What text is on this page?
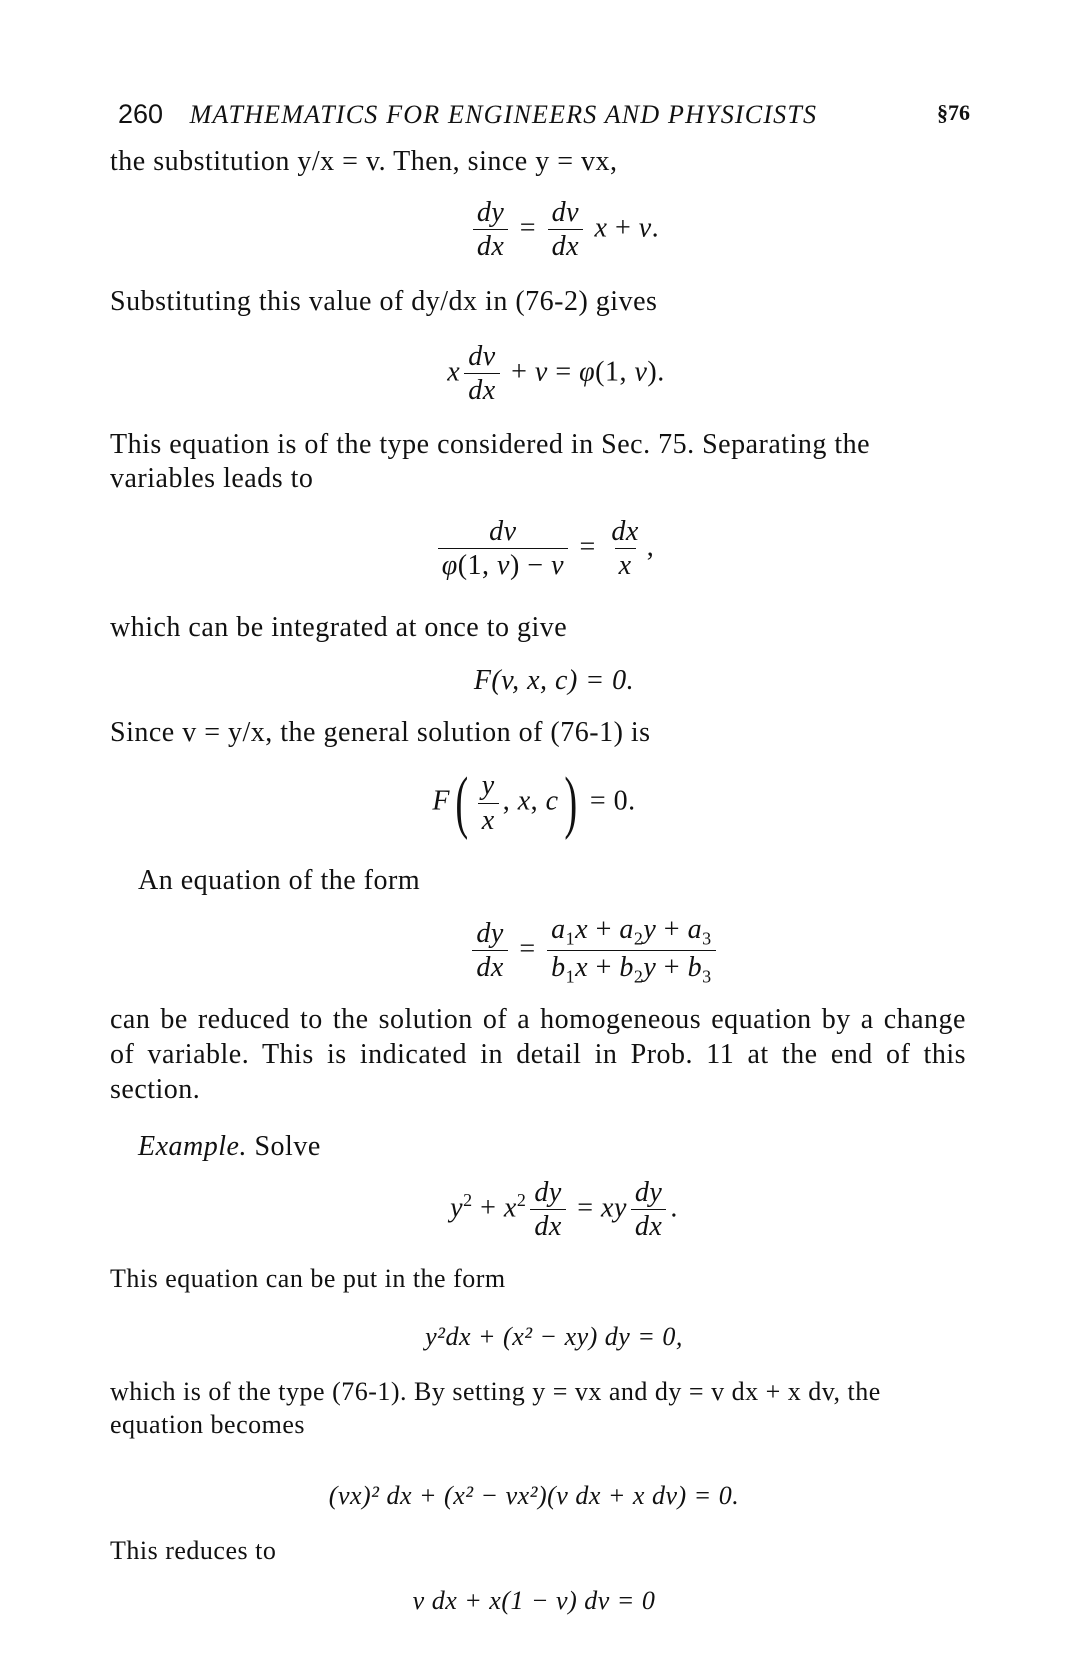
260 MATHEMATICS FOR ENGINEERS AND PHYSICISTS	§76

the substitution y/x = v. Then, since y = vx,

$\frac{dy}{dx} = \frac{dv}{dx}$ x + v.

Substituting this value of dy/dx in (76-2) gives

x $\frac{dv}{dx} + v = \varphi(1$, v).

This equation is of the type considered in Sec. 75. Separating the variables leads to

$\frac{dv}{\varphi(1, v) - v} = \frac{dx}{x}$ ,

which can be integrated at once to give

F(v, x, c) = 0.

Since v = y/x, the general solution of (76-1) is

$F( \frac{y}{x}$ , x, c) = 0.

An equation of the form

$\frac{dy}{dx} = \frac{a_1x + a_2y + a_3}{b_1x + b_2y + b_3}$

can be reduced to the solution of a homogeneous equation by a change of variable. This is indicated in detail in Prob. 11 at the end of this section.

Example. Solve

$y^2 + x^2 \frac{dy}{dx}$ = xy $\frac{dy}{dx}$ .

This equation can be put in the form

y²dx + (x² − xy) dy = 0,

which is of the type (76-1). By setting y = vx and dy = v dx + x dv, the equation becomes

(vx)² dx + (x² − vx²)(v dx + x dv) = 0.

This reduces to

v dx + x(1 − v) dv = 0
